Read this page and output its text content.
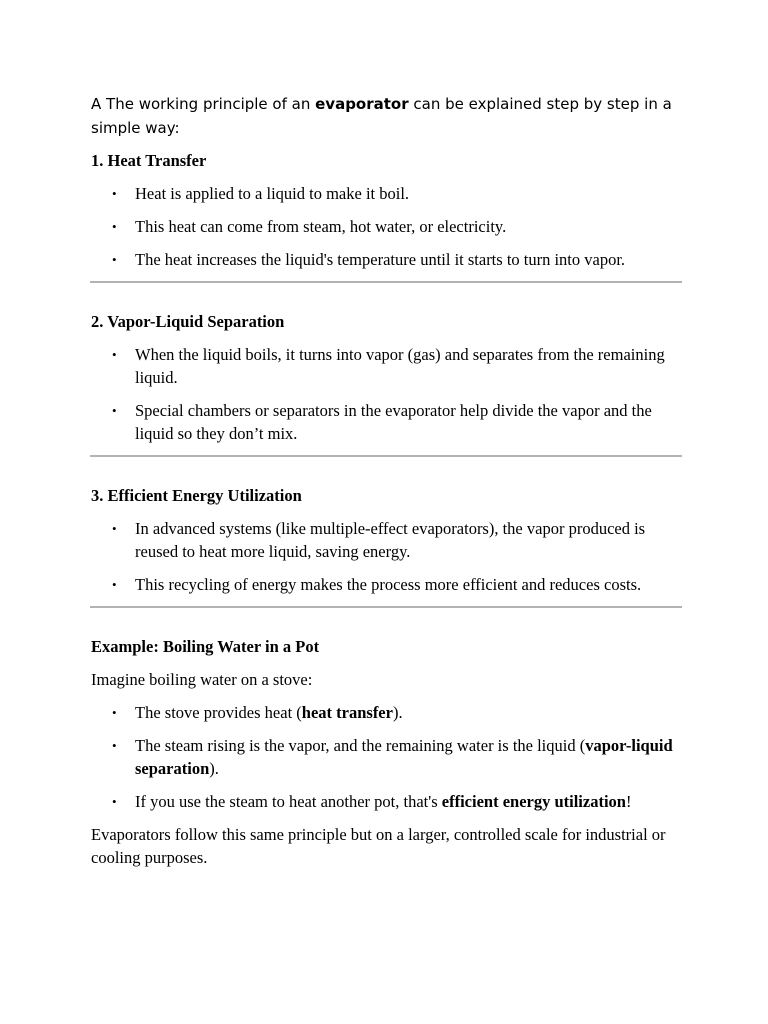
A The working principle of an evaporator can be explained step by step in a simple way:

1. Heat Transfer
• Heat is applied to a liquid to make it boil.
• This heat can come from steam, hot water, or electricity.
• The heat increases the liquid's temperature until it starts to turn into vapor.
2. Vapor-Liquid Separation
• When the liquid boils, it turns into vapor (gas) and separates from the remaining liquid.
• Special chambers or separators in the evaporator help divide the vapor and the liquid so they don’t mix.
3. Efficient Energy Utilization
• In advanced systems (like multiple-effect evaporators), the vapor produced is reused to heat more liquid, saving energy.
• This recycling of energy makes the process more efficient and reduces costs.
Example: Boiling Water in a Pot

Imagine boiling water on a stove:

• The stove provides heat (heat transfer).
• The steam rising is the vapor, and the remaining water is the liquid (vapor-liquid separation).
• If you use the steam to heat another pot, that's efficient energy utilization!

Evaporators follow this same principle but on a larger, controlled scale for industrial or cooling purposes.
